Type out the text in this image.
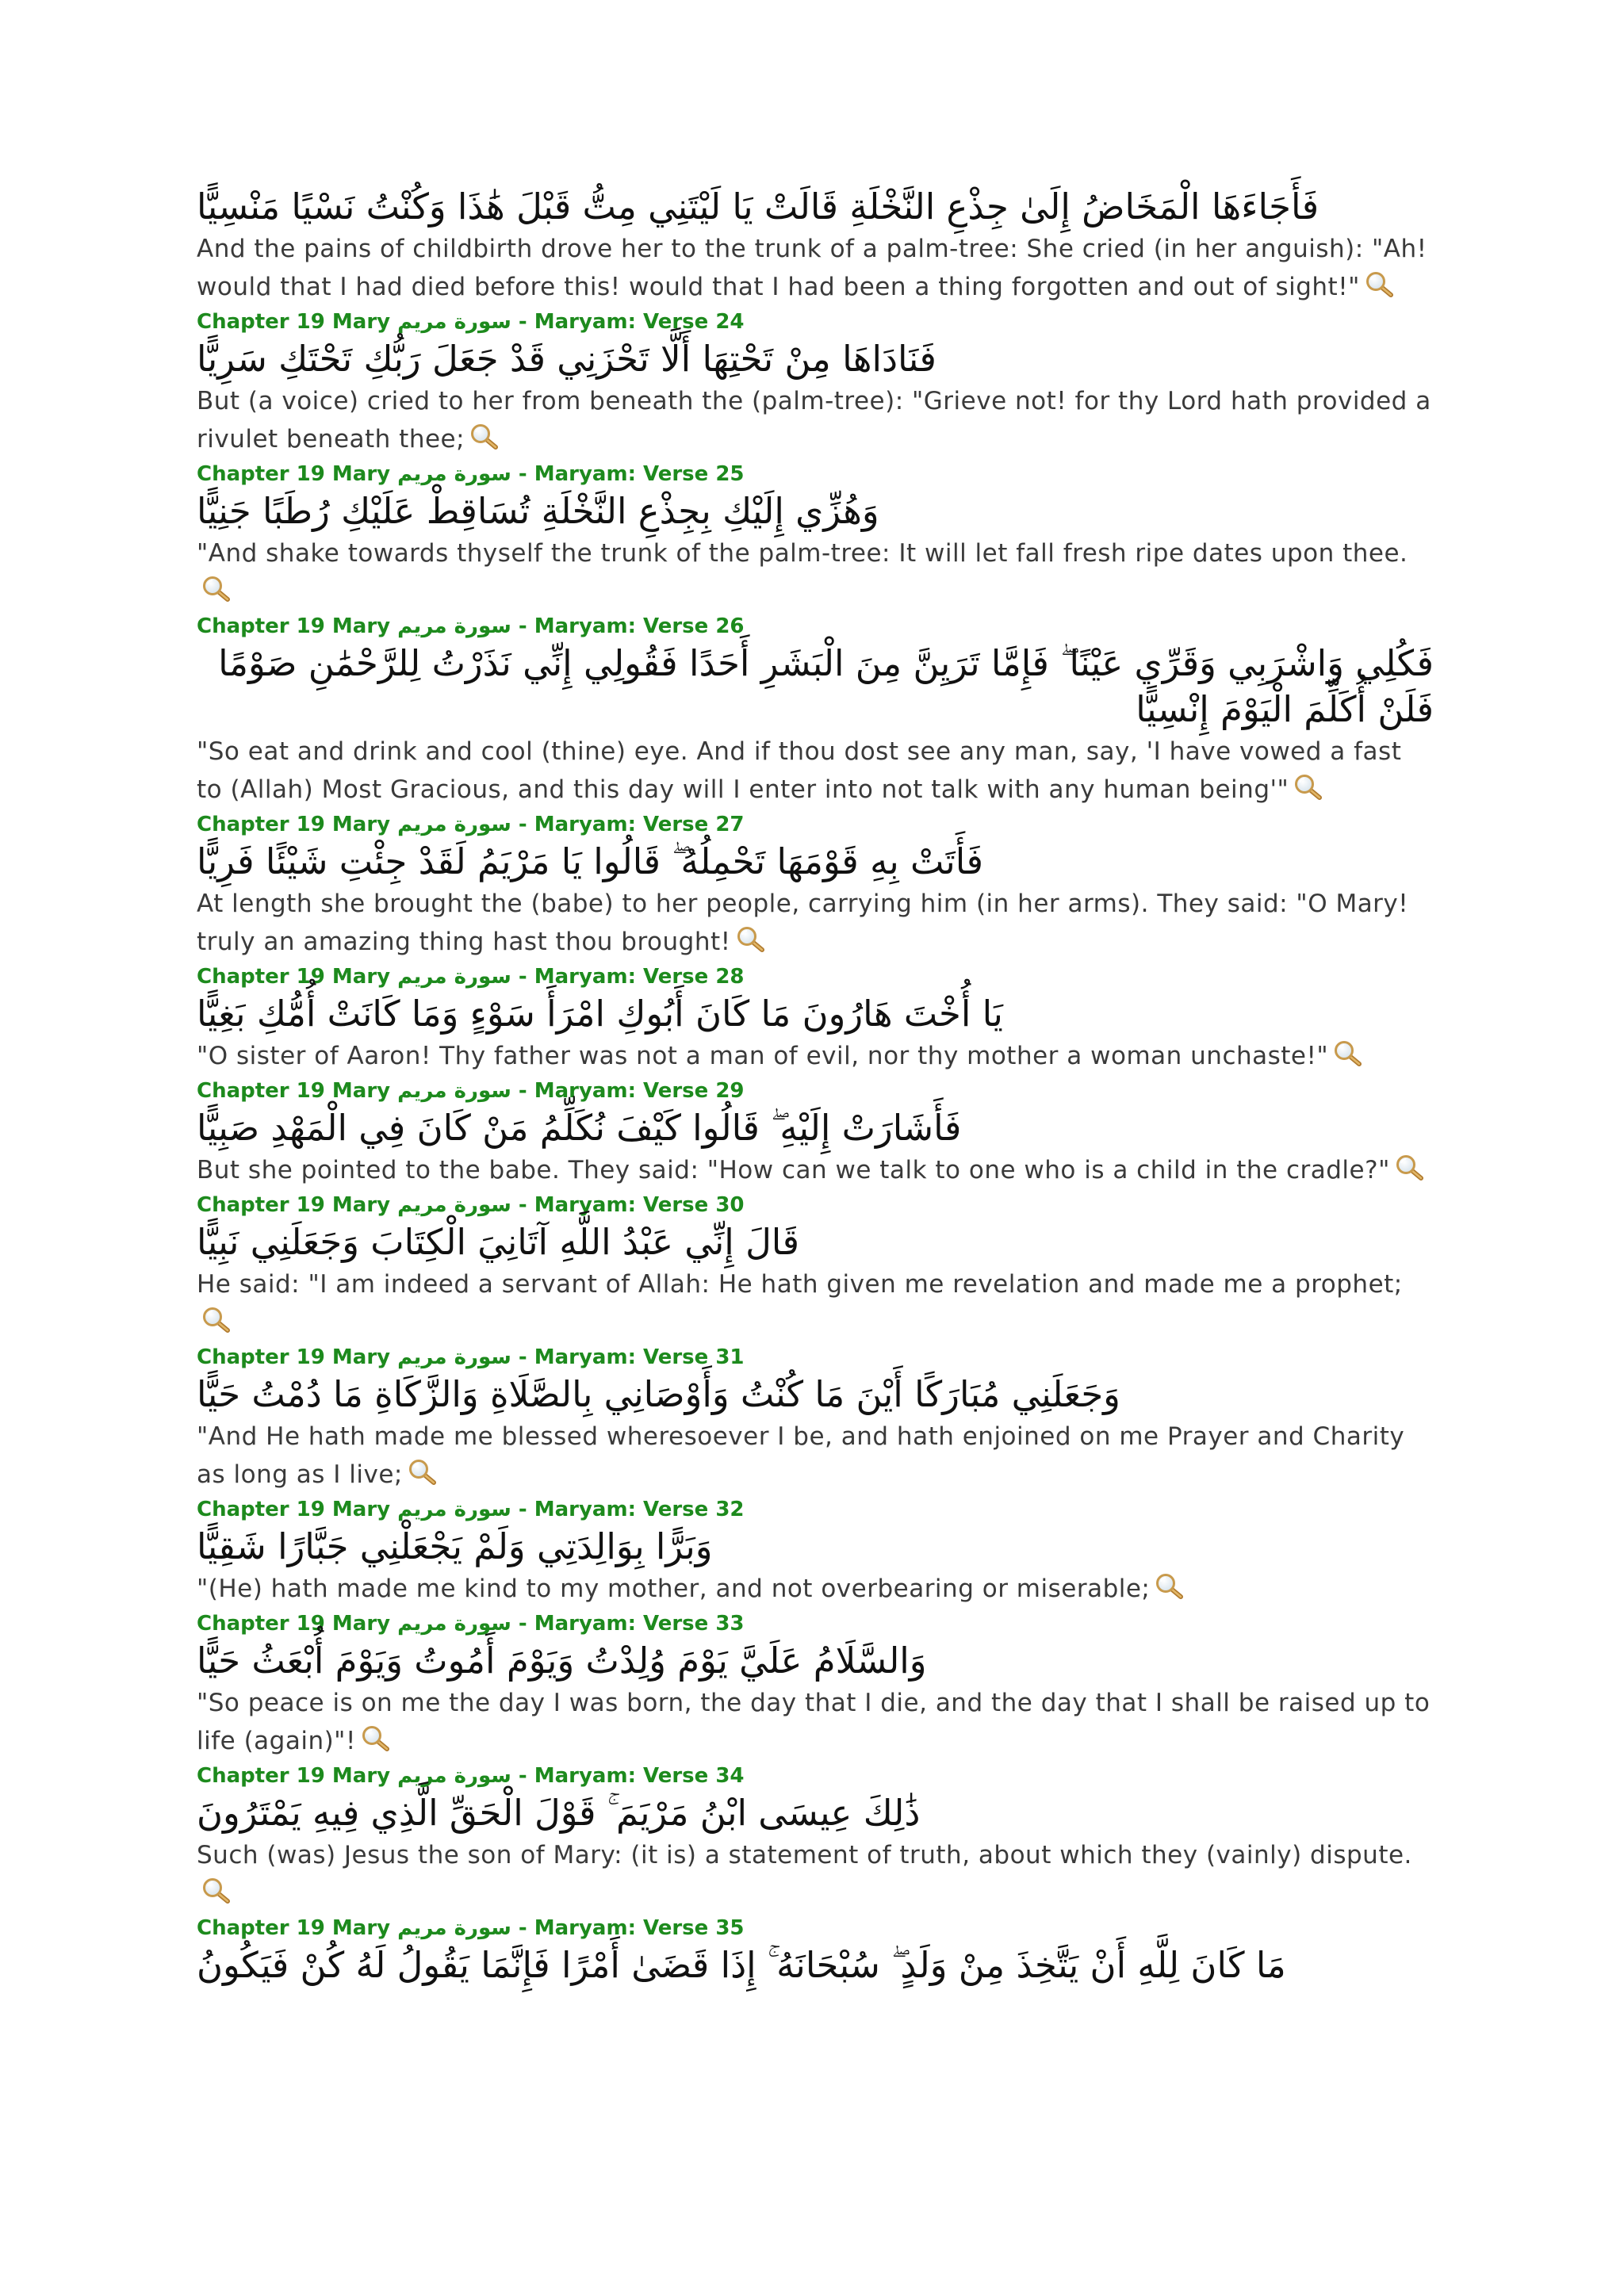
فَأَجَاءَهَا الْمَخَاضُ إِلَىٰ جِذْعِ النَّخْلَةِ قَالَتْ يَا لَيْتَنِي مِتُّ قَبْلَ هَٰذَا وَكُنْتُ نَسْيًا مَنْسِيًّا

And the pains of childbirth drove her to the trunk of a palm-tree: She cried (in her anguish): "Ah! would that I had died before this! would that I had been a thing forgotten and out of sight!"

Chapter 19 Mary سورة مريم - Maryam: Verse 24
فَنَادَاهَا مِنْ تَحْتِهَا أَلَّا تَحْزَنِي قَدْ جَعَلَ رَبُّكِ تَحْتَكِ سَرِيًّا

But (a voice) cried to her from beneath the (palm-tree): "Grieve not! for thy Lord hath provided a rivulet beneath thee;

Chapter 19 Mary سورة مريم - Maryam: Verse 25
وَهُزِّي إِلَيْكِ بِجِذْعِ النَّخْلَةِ تُسَاقِطْ عَلَيْكِ رُطَبًا جَنِيًّا

"And shake towards thyself the trunk of the palm-tree: It will let fall fresh ripe dates upon thee.

Chapter 19 Mary سورة مريم - Maryam: Verse 26
فَكُلِي وَاشْرَبِي وَقَرِّي عَيْنًا ۖ فَإِمَّا تَرَيِنَّ مِنَ الْبَشَرِ أَحَدًا فَقُولِي إِنِّي نَذَرْتُ لِلرَّحْمَٰنِ صَوْمًا فَلَنْ أُكَلِّمَ الْيَوْمَ إِنْسِيًّا

"So eat and drink and cool (thine) eye. And if thou dost see any man, say, 'I have vowed a fast to (Allah) Most Gracious, and this day will I enter into not talk with any human being'"

Chapter 19 Mary سورة مريم - Maryam: Verse 27
فَأَتَتْ بِهِ قَوْمَهَا تَحْمِلُهُ ۖ قَالُوا يَا مَرْيَمُ لَقَدْ جِئْتِ شَيْئًا فَرِيًّا

At length she brought the (babe) to her people, carrying him (in her arms). They said: "O Mary! truly an amazing thing hast thou brought!

Chapter 19 Mary سورة مريم - Maryam: Verse 28
يَا أُخْتَ هَارُونَ مَا كَانَ أَبُوكِ امْرَأَ سَوْءٍ وَمَا كَانَتْ أُمُّكِ بَغِيًّا

"O sister of Aaron! Thy father was not a man of evil, nor thy mother a woman unchaste!"

Chapter 19 Mary سورة مريم - Maryam: Verse 29
فَأَشَارَتْ إِلَيْهِ ۖ قَالُوا كَيْفَ نُكَلِّمُ مَنْ كَانَ فِي الْمَهْدِ صَبِيًّا

But she pointed to the babe. They said: "How can we talk to one who is a child in the cradle?"

Chapter 19 Mary سورة مريم - Maryam: Verse 30
قَالَ إِنِّي عَبْدُ اللَّهِ آتَانِيَ الْكِتَابَ وَجَعَلَنِي نَبِيًّا

He said: "I am indeed a servant of Allah: He hath given me revelation and made me a prophet;

Chapter 19 Mary سورة مريم - Maryam: Verse 31
وَجَعَلَنِي مُبَارَكًا أَيْنَ مَا كُنْتُ وَأَوْصَانِي بِالصَّلَاةِ وَالزَّكَاةِ مَا دُمْتُ حَيًّا

"And He hath made me blessed wheresoever I be, and hath enjoined on me Prayer and Charity as long as I live;

Chapter 19 Mary سورة مريم - Maryam: Verse 32
وَبَرًّا بِوَالِدَتِي وَلَمْ يَجْعَلْنِي جَبَّارًا شَقِيًّا

"(He) hath made me kind to my mother, and not overbearing or miserable;

Chapter 19 Mary سورة مريم - Maryam: Verse 33
وَالسَّلَامُ عَلَيَّ يَوْمَ وُلِدْتُ وَيَوْمَ أَمُوتُ وَيَوْمَ أُبْعَثُ حَيًّا

"So peace is on me the day I was born, the day that I die, and the day that I shall be raised up to life (again)"!

Chapter 19 Mary سورة مريم - Maryam: Verse 34
ذَٰلِكَ عِيسَى ابْنُ مَرْيَمَ ۚ قَوْلَ الْحَقِّ الَّذِي فِيهِ يَمْتَرُونَ

Such (was) Jesus the son of Mary: (it is) a statement of truth, about which they (vainly) dispute.

Chapter 19 Mary سورة مريم - Maryam: Verse 35
مَا كَانَ لِلَّهِ أَنْ يَتَّخِذَ مِنْ وَلَدٍ ۖ سُبْحَانَهُ ۚ إِذَا قَضَىٰ أَمْرًا فَإِنَّمَا يَقُولُ لَهُ كُنْ فَيَكُونُ
